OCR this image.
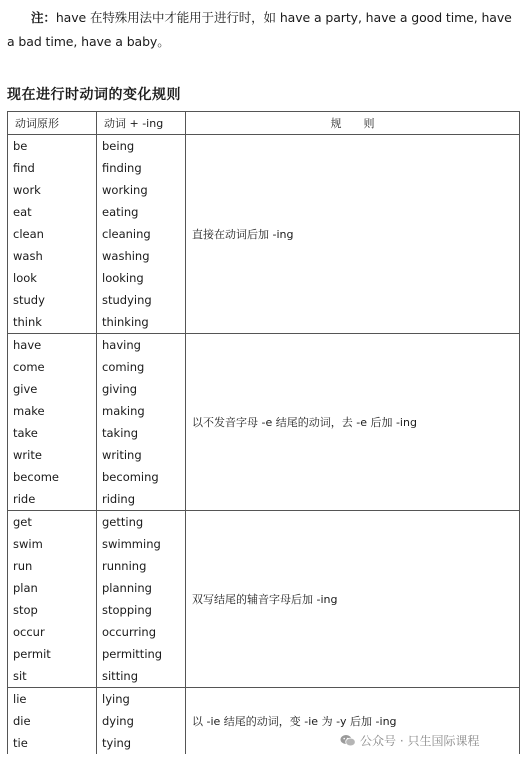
注：have 在特殊用法中才能用于进行时，如 have a party, have a good time, have a bad time, have a baby。
现在进行时动词的变化规则
动词原形	动词 + -ing	规　　则
be	being	直接在动词后加 -ing
find	finding	
work	working	
eat	eating	
clean	cleaning	
wash	washing	
look	looking	
study	studying	
think	thinking	
have	having	以不发音字母 -e 结尾的动词，去 -e 后加 -ing
come	coming	
give	giving	
make	making	
take	taking	
write	writing	
become	becoming	
ride	riding	
get	getting	双写结尾的辅音字母后加 -ing
swim	swimming	
run	running	
plan	planning	
stop	stopping	
occur	occurring	
permit	permitting	
sit	sitting	
lie	lying	以 -ie 结尾的动词，变 -ie 为 -y 后加 -ing
die	dying	
tie	tying		公众号 · 只生国际课程
